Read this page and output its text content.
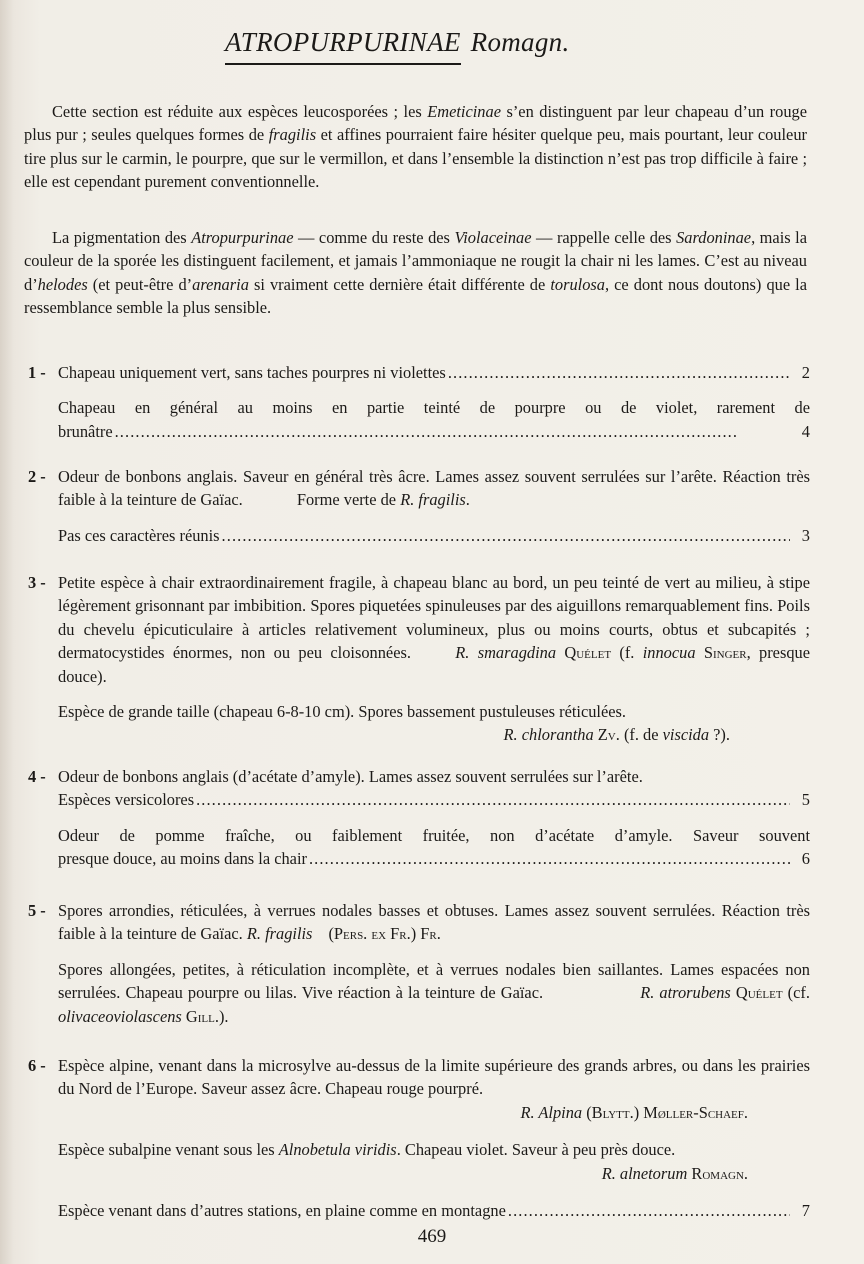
ATROPURPURINAE Romagn.

Cette section est réduite aux espèces leucosporées ; les Emeticinae s’en distinguent par leur chapeau d’un rouge plus pur ; seules quelques formes de fragilis et affines pourraient faire hésiter quelque peu, mais pourtant, leur couleur tire plus sur le carmin, le pourpre, que sur le vermillon, et dans l’ensemble la distinction n’est pas trop difficile à faire ; elle est cependant purement conventionnelle.

La pigmentation des Atropurpurinae — comme du reste des Violaceinae — rappelle celle des Sardoninae, mais la couleur de la sporée les distinguent facilement, et jamais l’ammoniaque ne rougit la chair ni les lames. C’est au niveau d’helodes (et peut-être d’arenaria si vraiment cette dernière était différente de torulosa, ce dont nous doutons) que la ressemblance semble la plus sensible.

1 - Chapeau uniquement vert, sans taches pourpres ni violettes . . .	2
Chapeau en général au moins en partie teinté de pourpre ou de violet, rarement de
brunâtre . . .	4
2 - Odeur de bonbons anglais. Saveur en général très âcre. Lames assez souvent serrulées sur l’arête. Réaction très faible à la teinture de Gaïac.	Forme verte de R. fragilis.
Pas ces caractères réunis . . .	3
3 - Petite espèce à chair extraordinairement fragile, à chapeau blanc au bord, un peu teinté de vert au milieu, à stipe légèrement grisonnant par imbibition. Spores piquetées spinuleuses par des aiguillons remarquablement fins. Poils du chevelu épicuticulaire à articles relativement volumineux, plus ou moins courts, obtus et subcapités ; dermatocystides énormes, non ou peu cloisonnées.	R. smaragdina Quélet (f. innocua Singer, presque douce).
Espèce de grande taille (chapeau 6-8-10 cm). Spores bassement pustuleuses réticulées.
R. chlorantha Zv. (f. de viscida ?).
4 - Odeur de bonbons anglais (d’acétate d’amyle). Lames assez souvent serrulées sur l’arête.
Espèces versicolores . . .	5
Odeur de pomme fraîche, ou faiblement fruitée, non d’acétate d’amyle. Saveur souvent
presque douce, au moins dans la chair . . .	6
5 - Spores arrondies, réticulées, à verrues nodales basses et obtuses. Lames assez souvent serrulées. Réaction très faible à la teinture de Gaïac. R. fragilis (Pers. ex Fr.) Fr.
Spores allongées, petites, à réticulation incomplète, et à verrues nodales bien saillantes. Lames espacées non serrulées. Chapeau pourpre ou lilas. Vive réaction à la teinture de Gaïac.	R. atrorubens Quélet (cf. olivaceoviolascens Gill.).
6 - Espèce alpine, venant dans la microsylve au-dessus de la limite supérieure des grands arbres, ou dans les prairies du Nord de l’Europe. Saveur assez âcre. Chapeau rouge pourpré.
R. Alpina (Blytt.) Møller-Schaef.
Espèce subalpine venant sous les Alnobetula viridis. Chapeau violet. Saveur à peu près douce.
R. alnetorum Romagn.
Espèce venant dans d’autres stations, en plaine comme en montagne . . .	7
469
